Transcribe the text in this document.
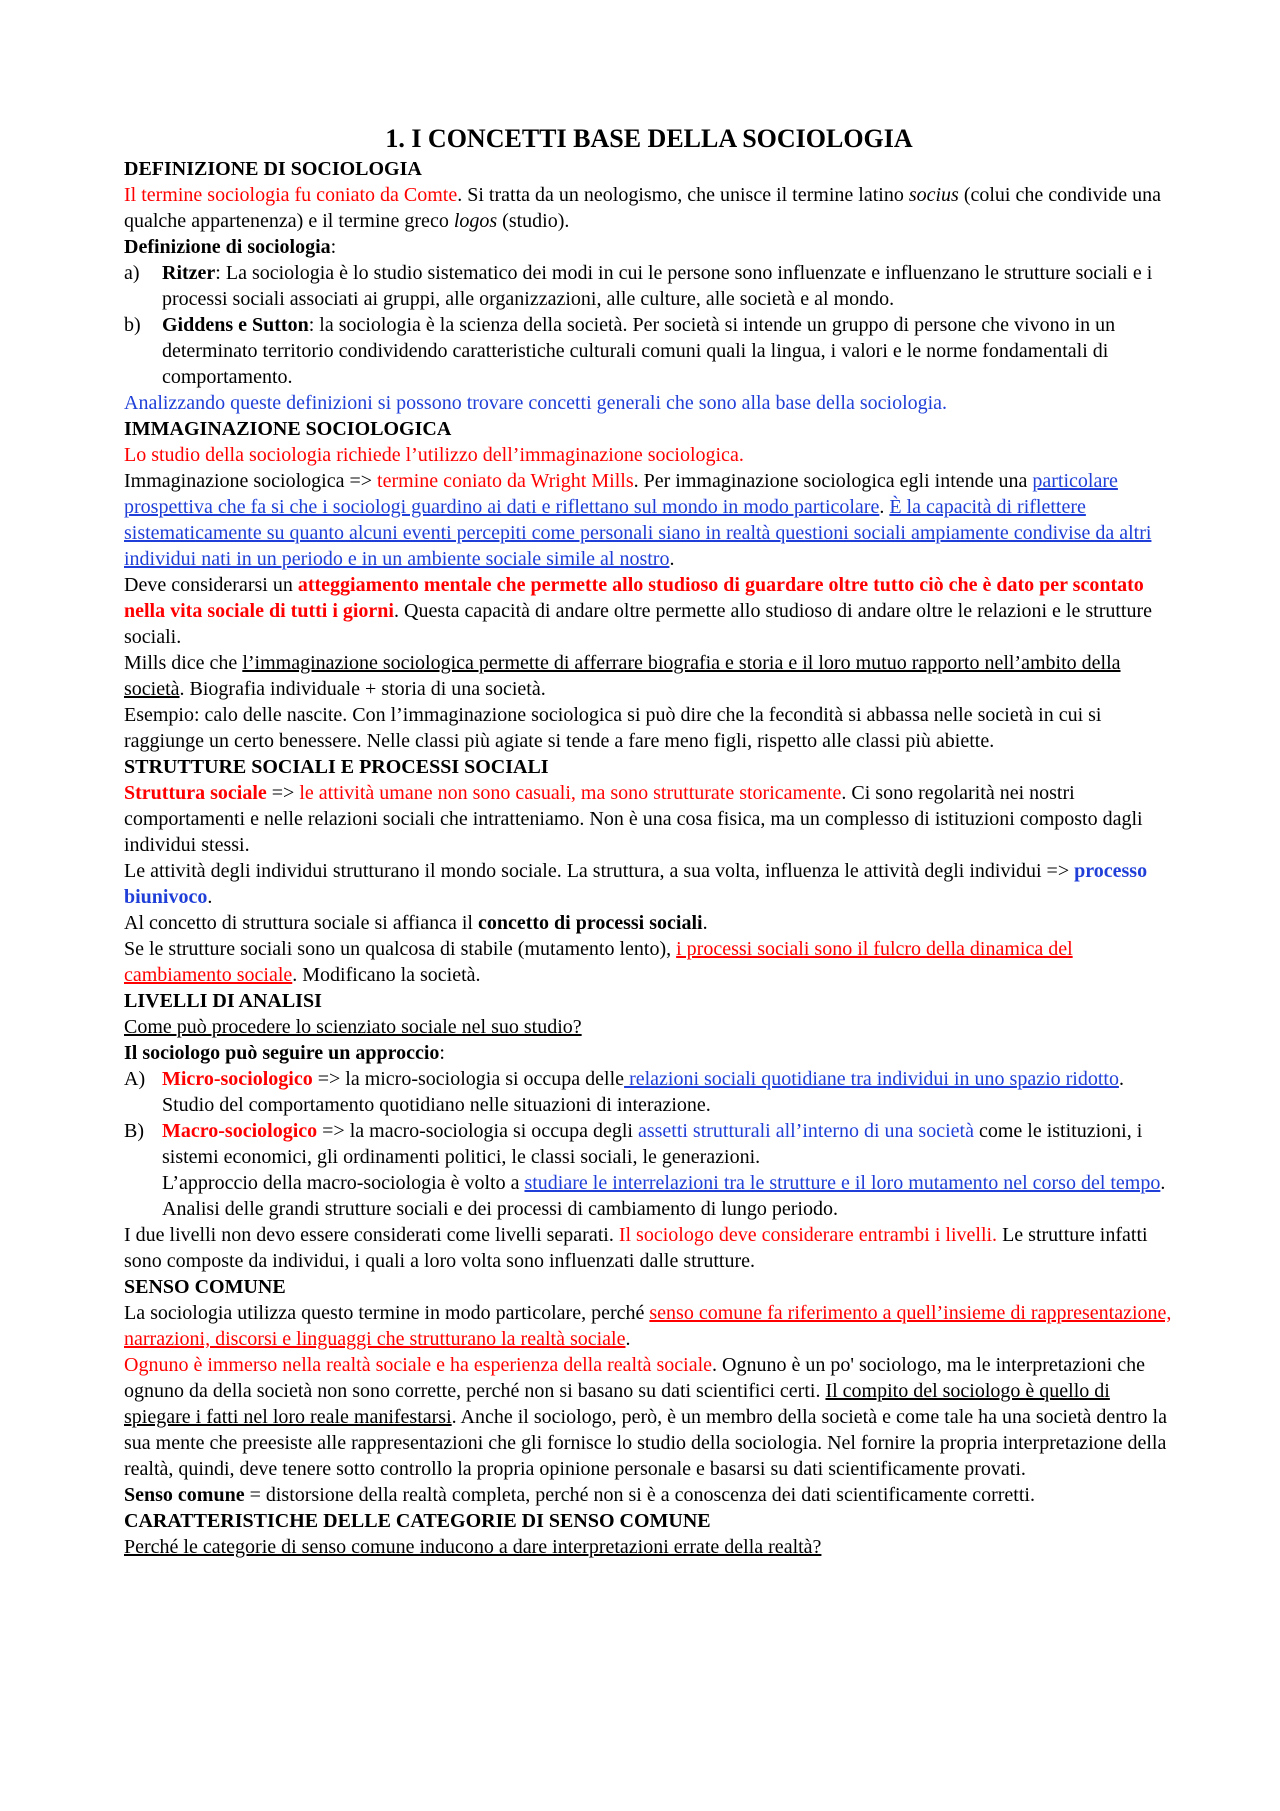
1. I CONCETTI BASE DELLA SOCIOLOGIA

DEFINIZIONE DI SOCIOLOGIA

Il termine sociologia fu coniato da Comte. Si tratta da un neologismo, che unisce il termine latino socius (colui che condivide una qualche appartenenza) e il termine greco logos (studio).

Definizione di sociologia:

a) Ritzer: La sociologia è lo studio sistematico dei modi in cui le persone sono influenzate e influenzano le strutture sociali e i processi sociali associati ai gruppi, alle organizzazioni, alle culture, alle società e al mondo.

b) Giddens e Sutton: la sociologia è la scienza della società. Per società si intende un gruppo di persone che vivono in un determinato territorio condividendo caratteristiche culturali comuni quali la lingua, i valori e le norme fondamentali di comportamento.

Analizzando queste definizioni si possono trovare concetti generali che sono alla base della sociologia.

IMMAGINAZIONE SOCIOLOGICA

Lo studio della sociologia richiede l’utilizzo dell’immaginazione sociologica.

Immaginazione sociologica => termine coniato da Wright Mills. Per immaginazione sociologica egli intende una particolare prospettiva che fa si che i sociologi guardino ai dati e riflettano sul mondo in modo particolare. È la capacità di riflettere sistematicamente su quanto alcuni eventi percepiti come personali siano in realtà questioni sociali ampiamente condivise da altri individui nati in un periodo e in un ambiente sociale simile al nostro.

Deve considerarsi un atteggiamento mentale che permette allo studioso di guardare oltre tutto ciò che è dato per scontato nella vita sociale di tutti i giorni. Questa capacità di andare oltre permette allo studioso di andare oltre le relazioni e le strutture sociali.

Mills dice che l’immaginazione sociologica permette di afferrare biografia e storia e il loro mutuo rapporto nell’ambito della società. Biografia individuale + storia di una società.

Esempio: calo delle nascite. Con l’immaginazione sociologica si può dire che la fecondità si abbassa nelle società in cui si raggiunge un certo benessere. Nelle classi più agiate si tende a fare meno figli, rispetto alle classi più abiette.

STRUTTURE SOCIALI E PROCESSI SOCIALI

Struttura sociale => le attività umane non sono casuali, ma sono strutturate storicamente. Ci sono regolarità nei nostri comportamenti e nelle relazioni sociali che intratteniamo. Non è una cosa fisica, ma un complesso di istituzioni composto dagli individui stessi.

Le attività degli individui strutturano il mondo sociale. La struttura, a sua volta, influenza le attività degli individui => processo biunivoco.

Al concetto di struttura sociale si affianca il concetto di processi sociali.

Se le strutture sociali sono un qualcosa di stabile (mutamento lento), i processi sociali sono il fulcro della dinamica del cambiamento sociale. Modificano la società.

LIVELLI DI ANALISI

Come può procedere lo scienziato sociale nel suo studio?

Il sociologo può seguire un approccio:

A) Micro-sociologico => la micro-sociologia si occupa delle relazioni sociali quotidiane tra individui in uno spazio ridotto. Studio del comportamento quotidiano nelle situazioni di interazione.

B) Macro-sociologico => la macro-sociologia si occupa degli assetti strutturali all’interno di una società come le istituzioni, i sistemi economici, gli ordinamenti politici, le classi sociali, le generazioni.

L’approccio della macro-sociologia è volto a studiare le interrelazioni tra le strutture e il loro mutamento nel corso del tempo. Analisi delle grandi strutture sociali e dei processi di cambiamento di lungo periodo.

I due livelli non devo essere considerati come livelli separati. Il sociologo deve considerare entrambi i livelli. Le strutture infatti sono composte da individui, i quali a loro volta sono influenzati dalle strutture.

SENSO COMUNE

La sociologia utilizza questo termine in modo particolare, perché senso comune fa riferimento a quell’insieme di rappresentazione, narrazioni, discorsi e linguaggi che strutturano la realtà sociale.

Ognuno è immerso nella realtà sociale e ha esperienza della realtà sociale. Ognuno è un po' sociologo, ma le interpretazioni che ognuno da della società non sono corrette, perché non si basano su dati scientifici certi. Il compito del sociologo è quello di spiegare i fatti nel loro reale manifestarsi. Anche il sociologo, però, è un membro della società e come tale ha una società dentro la sua mente che preesiste alle rappresentazioni che gli fornisce lo studio della sociologia. Nel fornire la propria interpretazione della realtà, quindi, deve tenere sotto controllo la propria opinione personale e basarsi su dati scientificamente provati.

Senso comune = distorsione della realtà completa, perché non si è a conoscenza dei dati scientificamente corretti.

CARATTERISTICHE DELLE CATEGORIE DI SENSO COMUNE

Perché le categorie di senso comune inducono a dare interpretazioni errate della realtà?
